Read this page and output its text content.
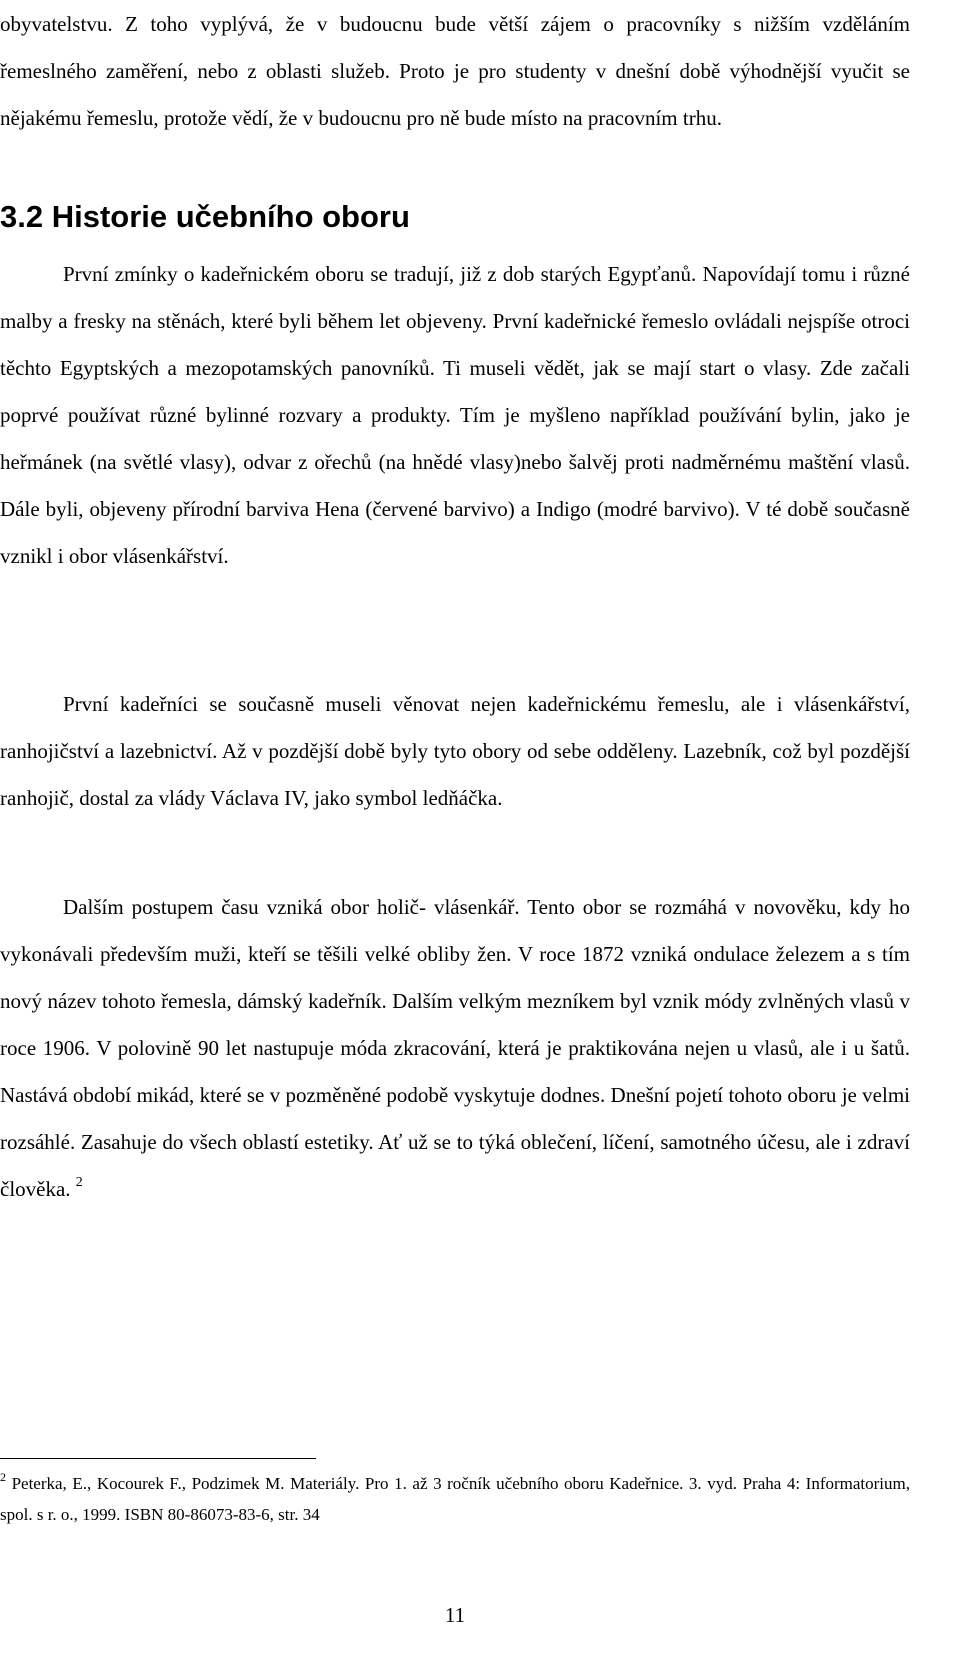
obyvatelstvu. Z toho vyplývá, že v budoucnu bude větší zájem o pracovníky s nižším vzděláním řemeslného zaměření, nebo z oblasti služeb. Proto je pro studenty v dnešní době výhodnější vyučit se nějakému řemeslu, protože vědí, že v budoucnu pro ně bude místo na pracovním trhu.

3.2 Historie učebního oboru

První zmínky o kadeřnickém oboru se tradují, již z dob starých Egypťanů. Napovídají tomu i různé malby a fresky na stěnách, které byli během let objeveny. První kadeřnické řemeslo ovládali nejspíše otroci těchto Egyptských a mezopotamských panovníků. Ti museli vědět, jak se mají start o vlasy. Zde začali poprvé používat různé bylinné rozvary a produkty. Tím je myšleno například používání bylin, jako je heřmánek (na světlé vlasy), odvar z ořechů (na hnědé vlasy)nebo šalvěj proti nadměrnému maštění vlasů. Dále byli, objeveny přírodní barviva Hena (červené barvivo) a Indigo (modré barvivo). V té době současně vznikl i obor vlásenkářství.

První kadeřníci se současně museli věnovat nejen kadeřnickému řemeslu, ale i vlásenkářství, ranhojičství a lazebnictví. Až v pozdější době byly tyto obory od sebe odděleny. Lazebník, což byl pozdější ranhojič, dostal za vlády Václava IV, jako symbol ledňáčka.

Dalším postupem času vzniká obor holič- vlásenkář. Tento obor se rozmáhá v novověku, kdy ho vykonávali především muži, kteří se těšili velké obliby žen. V roce 1872 vzniká ondulace železem a s tím nový název tohoto řemesla, dámský kadeřník. Dalším velkým mezníkem byl vznik módy zvlněných vlasů v roce 1906. V polovině 90 let nastupuje móda zkracování, která je praktikována nejen u vlasů, ale i u šatů. Nastává období mikád, které se v pozměněné podobě vyskytuje dodnes. Dnešní pojetí tohoto oboru je velmi rozsáhlé. Zasahuje do všech oblastí estetiky. Ať už se to týká oblečení, líčení, samotného účesu, ale i zdraví člověka. $^2$

$^2$ Peterka, E., Kocourek F., Podzimek M. Materiály. Pro 1. až 3 ročník učebního oboru Kadeřnice. 3. vyd. Praha 4: Informatorium, spol. s r. o., 1999. ISBN 80-86073-83-6, str. 34

11
